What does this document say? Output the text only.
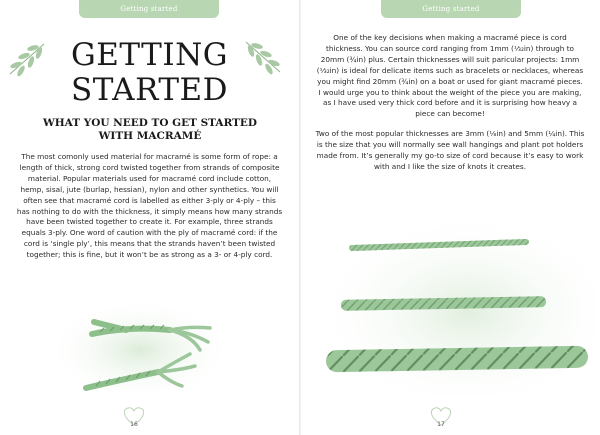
Getting started
GETTING
STARTED
WHAT YOU NEED TO GET STARTED WITH MACRAMÉ
The most comonly used material for macramé is some form of rope: a length of thick, strong cord twisted together from strands of composite material. Popular materials used for macramé cord include cotton, hemp, sisal, jute (burlap, hessian), nylon and other synthetics. You will often see that macramé cord is labelled as either 3-ply or 4-ply – this has nothing to do with the thickness, it simply means how many strands have been twisted together to create it. For example, three strands equals 3-ply. One word of caution with the ply of macramé cord: if the cord is ‘single ply’, this means that the strands haven’t been twisted together; this is fine, but it won’t be as strong as a 3- or 4-ply cord.
$_{16}$
Getting started

One of the key decisions when making a macramé piece is cord thickness. You can source cord ranging from 1mm (¹⁄₃₂in) through to 20mm (¾in) plus. Certain thicknesses will suit paricular projects: 1mm (¹⁄₃₂in) is ideal for delicate items such as bracelets or necklaces, whereas you might find 20mm (¾in) on a boat or used for giant macramé pieces. I would urge you to think about the weight of the piece you are making, as I have used very thick cord before and it is surprising how heavy a piece can become!

Two of the most popular thicknesses are 3mm (⅛in) and 5mm (¼in). This is the size that you will normally see wall hangings and plant pot holders made from. It’s generally my go-to size of cord because it’s easy to work with and I like the size of knots it creates.

$_{17}$
